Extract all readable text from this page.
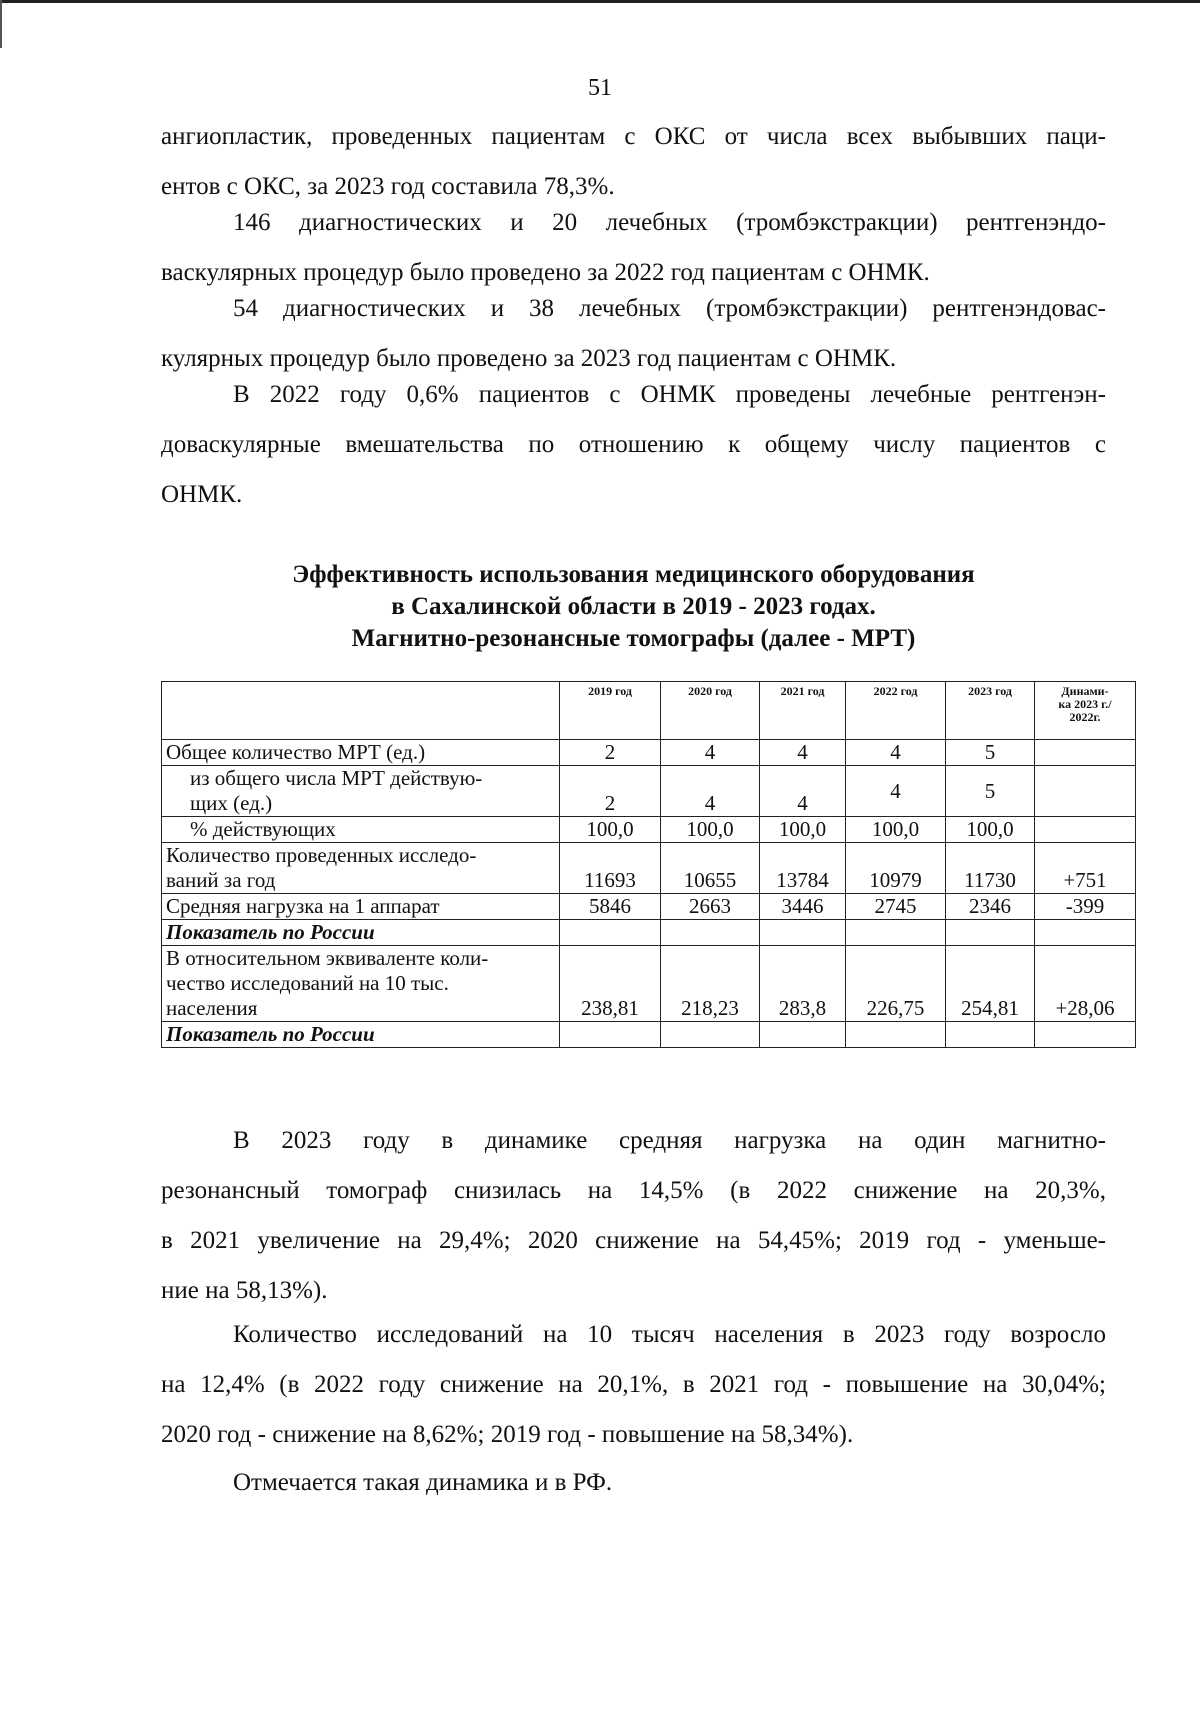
51
ангиопластик, проведенных пациентам с ОКС от числа всех выбывших паци-
ентов с ОКС, за 2023 год составила 78,3%.
146 диагностических и 20 лечебных (тромбэкстракции) рентгенэндо-
васкулярных процедур было проведено за 2022 год пациентам с ОНМК.
54 диагностических и 38 лечебных (тромбэкстракции) рентгенэндовас-
кулярных процедур было проведено за 2023 год пациентам с ОНМК.
В 2022 году 0,6% пациентов с ОНМК проведены лечебные рентгенэн-
доваскулярные вмешательства по отношению к общему числу пациентов с
ОНМК.
Эффективность использования медицинского оборудования
в Сахалинской области в 2019 - 2023 годах.
Магнитно-резонансные томографы (далее - МРТ)
	2019 год	2020 год	2021 год	2022 год	2023 год	Динами-
ка 2023 г./
2022г.
Общее количество МРТ (ед.)	2	4	4	4	5	
из общего числа МРТ действую-
щих (ед.)	2	4	4	4	5	
% действующих	100,0	100,0	100,0	100,0	100,0	
Количество проведенных исследо-
ваний за год	11693	10655	13784	10979	11730	+751
Средняя нагрузка на 1 аппарат	5846	2663	3446	2745	2346	-399
Показатель по России						
В относительном эквиваленте коли-
чество исследований на 10 тыс.
населения	238,81	218,23	283,8	226,75	254,81	+28,06
Показатель по России						
В 2023 году в динамике средняя нагрузка на один магнитно-
резонансный томограф снизилась на 14,5% (в 2022 снижение на 20,3%,
в 2021 увеличение на 29,4%; 2020 снижение на 54,45%; 2019 год - уменьше-
ние на 58,13%).
Количество исследований на 10 тысяч населения в 2023 году возросло
на 12,4% (в 2022 году снижение на 20,1%, в 2021 год - повышение на 30,04%;
2020 год - снижение на 8,62%; 2019 год - повышение на 58,34%).
Отмечается такая динамика и в РФ.
